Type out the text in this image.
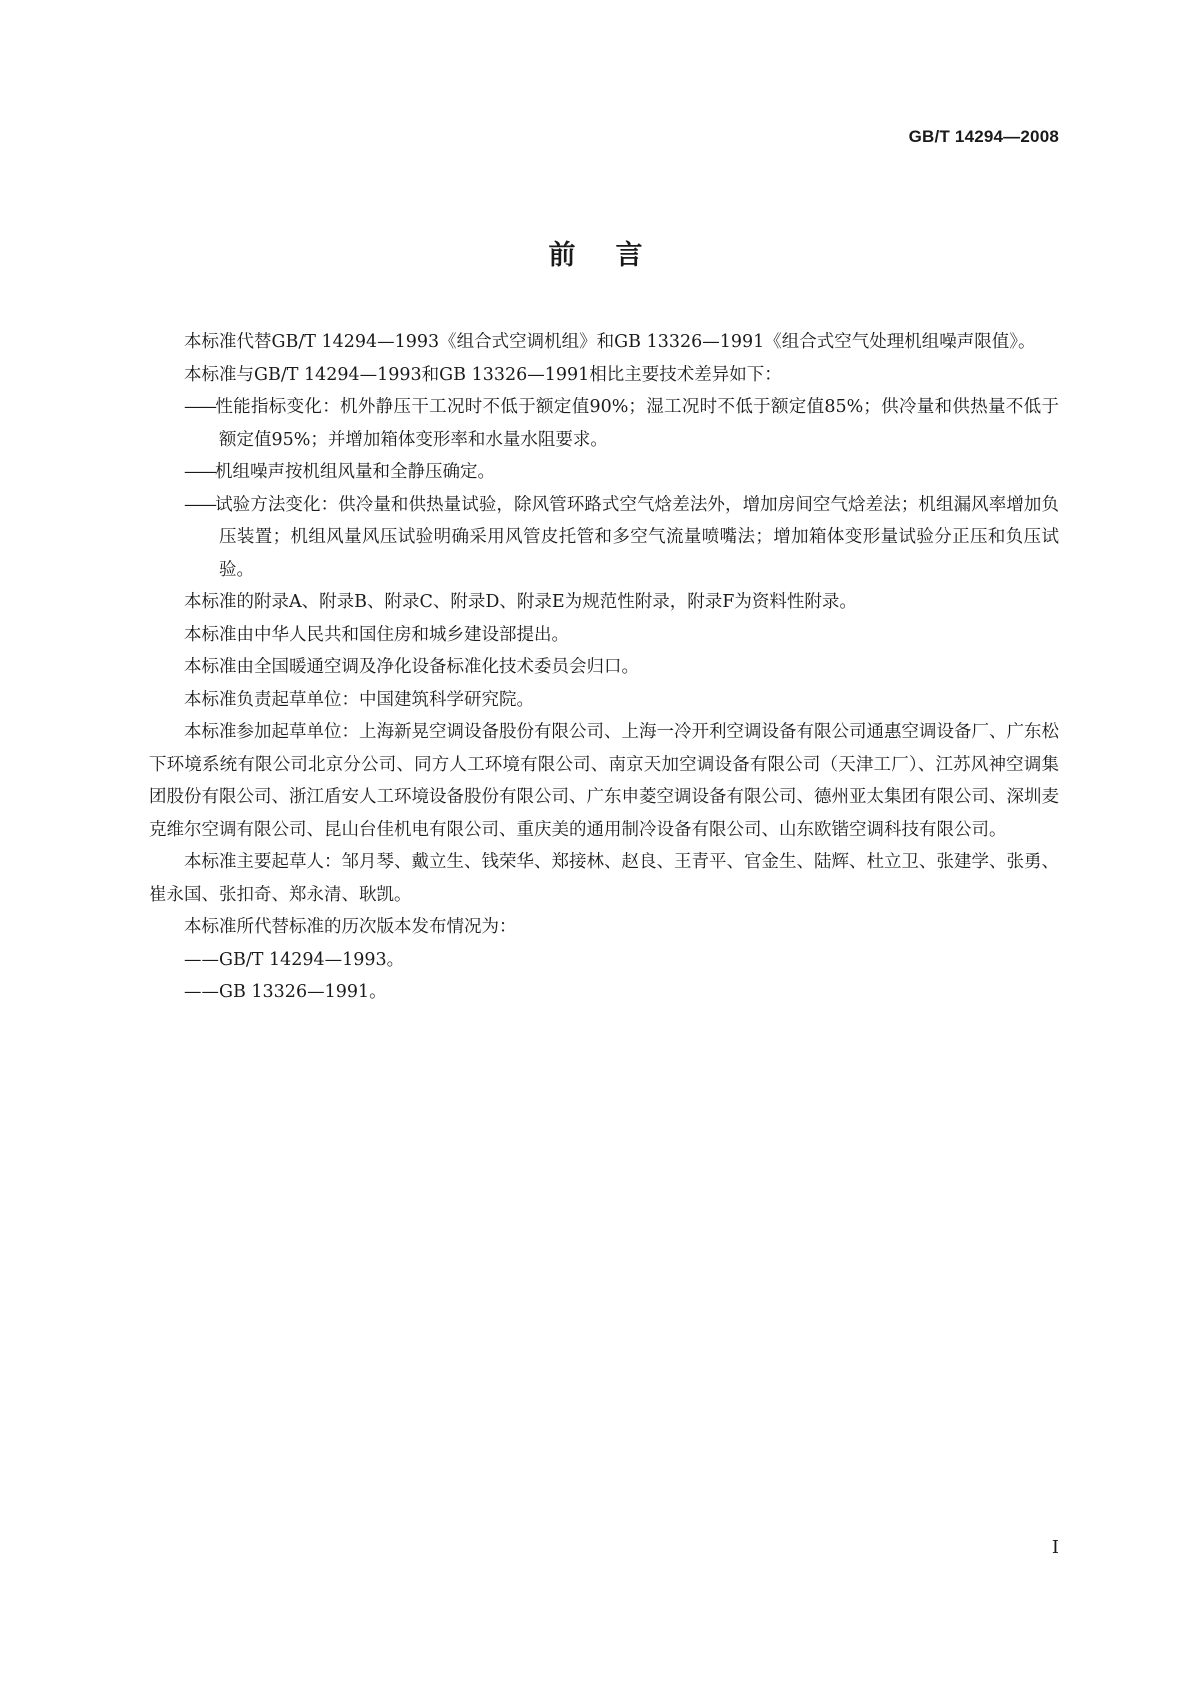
GB/T 14294—2008
前言

本标准代替GB/T 14294—1993《组合式空调机组》和GB 13326—1991《组合式空气处理机组噪声限值》。

本标准与GB/T 14294—1993和GB 13326—1991相比主要技术差异如下：

——性能指标变化：机外静压干工况时不低于额定值90%；湿工况时不低于额定值85%；供冷量和供热量不低于额定值95%；并增加箱体变形率和水量水阻要求。

——机组噪声按机组风量和全静压确定。

——试验方法变化：供冷量和供热量试验，除风管环路式空气焓差法外，增加房间空气焓差法；机组漏风率增加负压装置；机组风量风压试验明确采用风管皮托管和多空气流量喷嘴法；增加箱体变形量试验分正压和负压试验。

本标准的附录A、附录B、附录C、附录D、附录E为规范性附录，附录F为资料性附录。

本标准由中华人民共和国住房和城乡建设部提出。

本标准由全国暖通空调及净化设备标准化技术委员会归口。

本标准负责起草单位：中国建筑科学研究院。

本标准参加起草单位：上海新晃空调设备股份有限公司、上海一冷开利空调设备有限公司通惠空调设备厂、广东松下环境系统有限公司北京分公司、同方人工环境有限公司、南京天加空调设备有限公司（天津工厂）、江苏风神空调集团股份有限公司、浙江盾安人工环境设备股份有限公司、广东申菱空调设备有限公司、德州亚太集团有限公司、深圳麦克维尔空调有限公司、昆山台佳机电有限公司、重庆美的通用制冷设备有限公司、山东欧锴空调科技有限公司。

本标准主要起草人：邹月琴、戴立生、钱荣华、郑接林、赵良、王青平、官金生、陆辉、杜立卫、张建学、张勇、崔永国、张扣奇、郑永清、耿凯。

本标准所代替标准的历次版本发布情况为：

——GB/T 14294—1993。

——GB 13326—1991。

I
